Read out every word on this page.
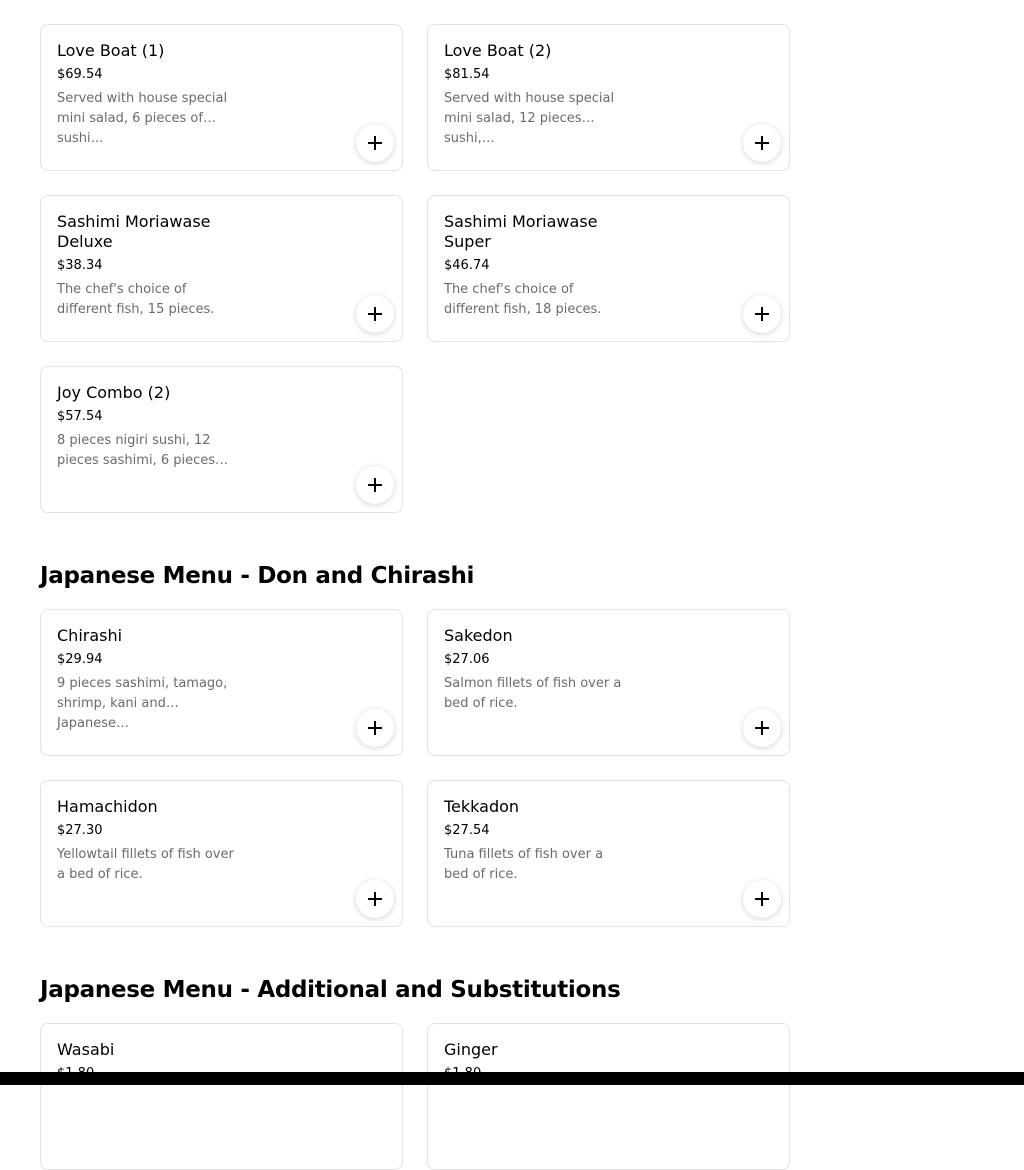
Love Boat (1)
$69.54
Served with house special mini salad, 6 pieces of sushi…
Love Boat (2)
$81.54
Served with house special mini salad, 12 pieces sushi,…
Sashimi Moriawase Deluxe
$38.34
The chef's choice of different fish, 15 pieces.
Sashimi Moriawase Super
$46.74
The chef's choice of different fish, 18 pieces.
Joy Combo (2)
$57.54
8 pieces nigiri sushi, 12 pieces sashimi, 6 pieces…
Japanese Menu - Don and Chirashi
Chirashi
$29.94
9 pieces sashimi, tamago, shrimp, kani and Japanese…
Sakedon
$27.06
Salmon fillets of fish over a bed of rice.
Hamachidon
$27.30
Yellowtail fillets of fish over a bed of rice.
Tekkadon
$27.54
Tuna fillets of fish over a bed of rice.
Japanese Menu - Additional and Substitutions
Wasabi	Ginger
